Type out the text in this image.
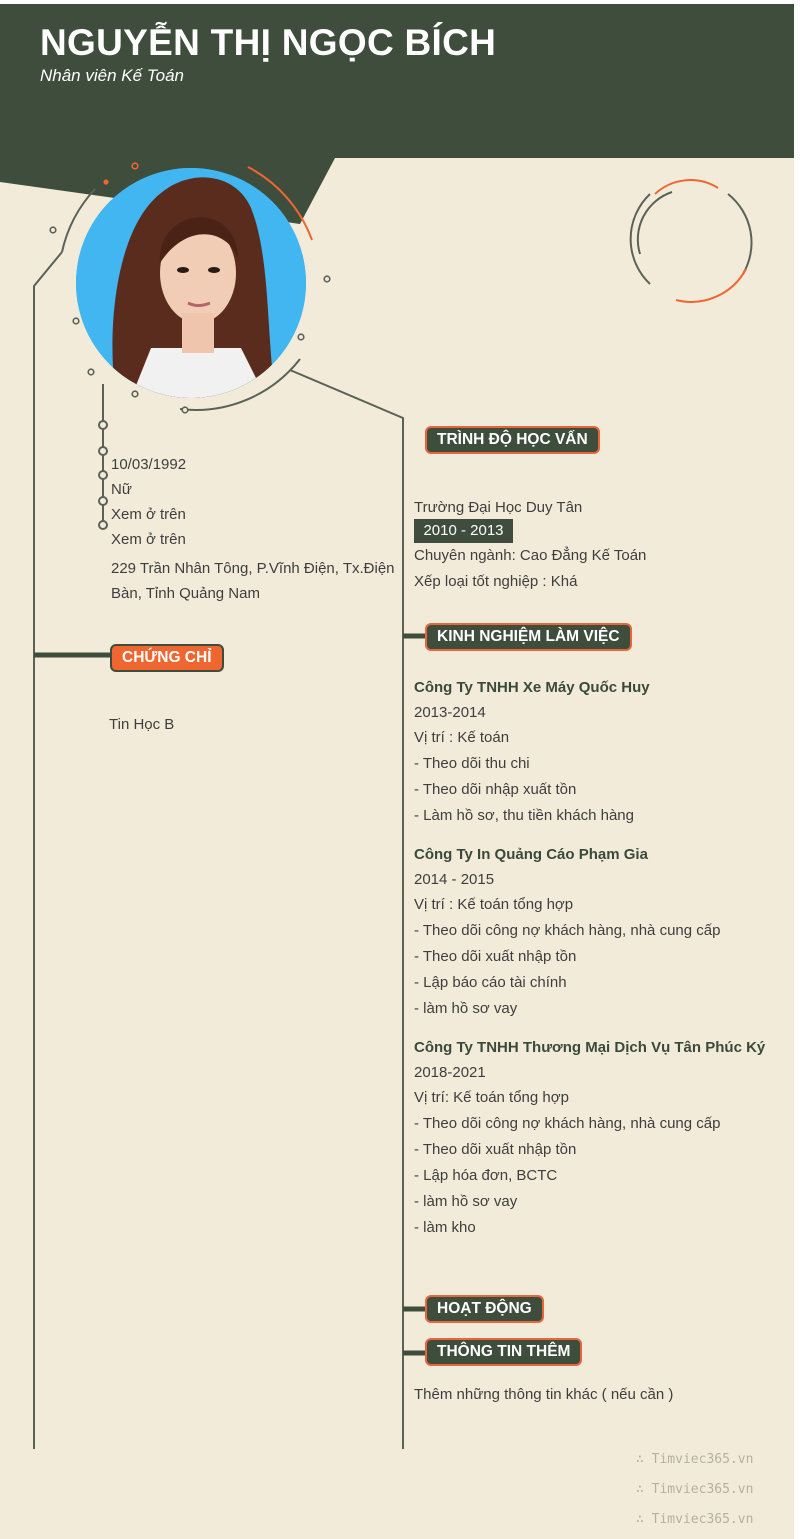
NGUYỄN THỊ NGỌC BÍCH
Nhân viên Kế Toán
10/03/1992
Nữ
Xem ở trên
Xem ở trên
229 Trần Nhân Tông, P.Vĩnh Điện, Tx.Điện Bàn, Tỉnh Quảng Nam
CHỨNG CHỈ
Tin Học B
TRÌNH ĐỘ HỌC VẤN
Trường Đại Học Duy Tân
2010 - 2013
Chuyên ngành: Cao Đẳng Kế Toán
Xếp loại tốt nghiệp : Khá
KINH NGHIỆM LÀM VIỆC
Công Ty TNHH Xe Máy Quốc Huy
2013-2014
Vị trí : Kế toán
- Theo dõi thu chi
- Theo dõi nhập xuất tồn
- Làm hồ sơ, thu tiền khách hàng
Công Ty In Quảng Cáo Phạm Gia
2014 - 2015
Vị trí : Kế toán tổng hợp
- Theo dõi công nợ khách hàng, nhà cung cấp
- Theo dõi xuất nhập tồn
- Lập báo cáo tài chính
- làm hồ sơ vay
Công Ty TNHH Thương Mại Dịch Vụ Tân Phúc Ký
2018-2021
Vị trí: Kế toán tổng hợp
- Theo dõi công nợ khách hàng, nhà cung cấp
- Theo dõi xuất nhập tồn
- Lập hóa đơn, BCTC
- làm hồ sơ vay
- làm kho
HOẠT ĐỘNG
THÔNG TIN THÊM
Thêm những thông tin khác ( nếu cần )
∴ Timviec365.vn
∴ Timviec365.vn
∴ Timviec365.vn
